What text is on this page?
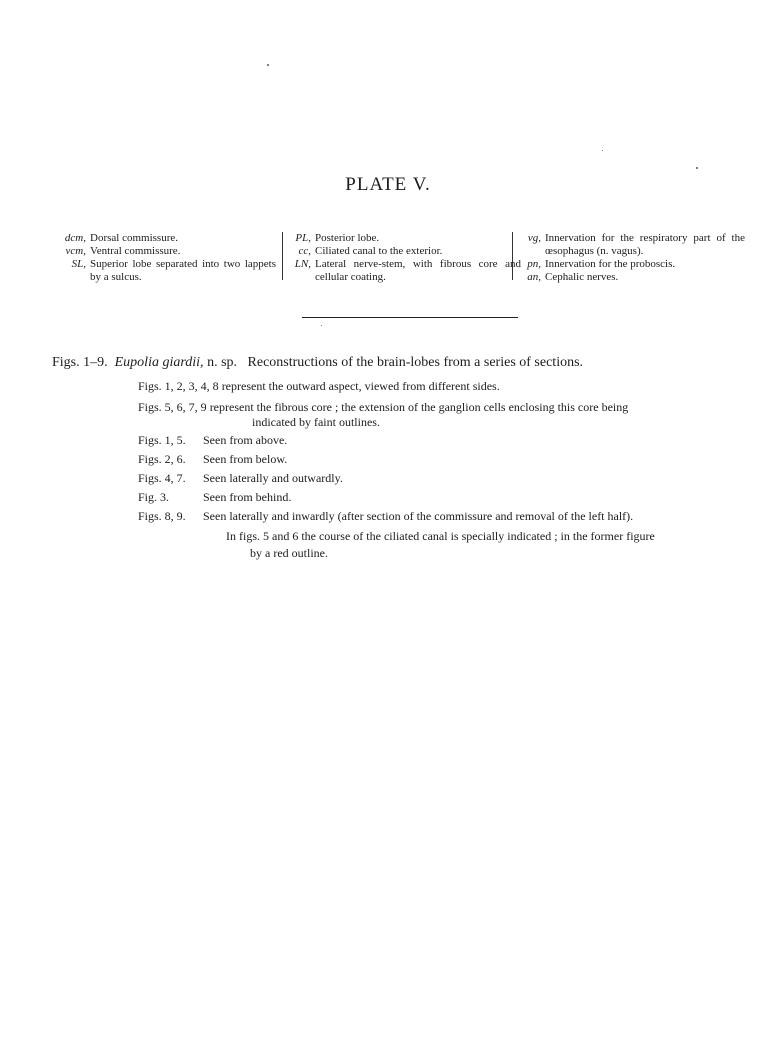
PLATE V.
dcm, Dorsal commissure.
vcm, Ventral commissure.
SL, Superior lobe separated into two lappets by a sulcus.
PL, Posterior lobe.
cc, Ciliated canal to the exterior.
LN, Lateral nerve-stem, with fibrous core and cellular coating.
vg, Innervation for the respiratory part of the œsophagus (n. vagus).
pn, Innervation for the proboscis.
an, Cephalic nerves.
Figs. 1–9. Eupolia giardii, n. sp. Reconstructions of the brain-lobes from a series of sections.
Figs. 1, 2, 3, 4, 8 represent the outward aspect, viewed from different sides.
Figs. 5, 6, 7, 9 represent the fibrous core ; the extension of the ganglion cells enclosing this core being
indicated by faint outlines.
Figs. 1, 5. Seen from above.
Figs. 2, 6. Seen from below.
Figs. 4, 7. Seen laterally and outwardly.
Fig. 3.	Seen from behind.
Figs. 8, 9. Seen laterally and inwardly (after section of the commissure and removal of the left half).
In figs. 5 and 6 the course of the ciliated canal is specially indicated ; in the former figure
by a red outline.
